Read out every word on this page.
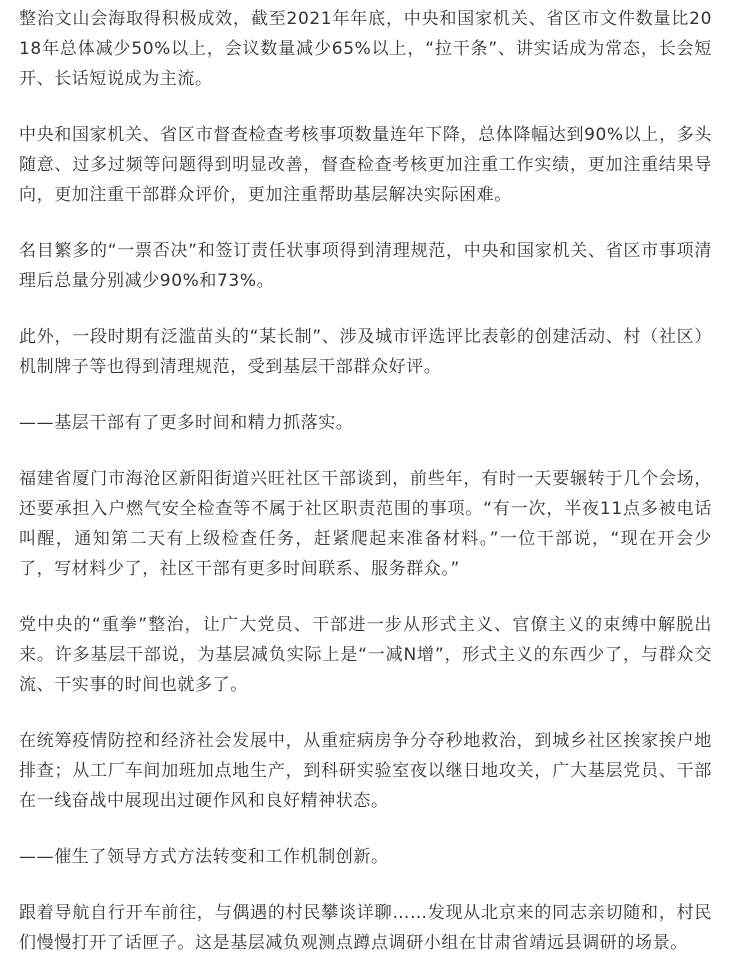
整治文山会海取得积极成效，截至2021年年底，中央和国家机关、省区市文件数量比2018年总体减少50%以上，会议数量减少65%以上，“拉干条”、讲实话成为常态，长会短开、长话短说成为主流。

中央和国家机关、省区市督查检查考核事项数量连年下降，总体降幅达到90%以上，多头随意、过多过频等问题得到明显改善，督查检查考核更加注重工作实绩，更加注重结果导向，更加注重干部群众评价，更加注重帮助基层解决实际困难。

名目繁多的“一票否决”和签订责任状事项得到清理规范，中央和国家机关、省区市事项清理后总量分别减少90%和73%。

此外，一段时期有泛滥苗头的“某长制”、涉及城市评选评比表彰的创建活动、村（社区）机制牌子等也得到清理规范，受到基层干部群众好评。

——基层干部有了更多时间和精力抓落实。

福建省厦门市海沧区新阳街道兴旺社区干部谈到，前些年，有时一天要辗转于几个会场，还要承担入户燃气安全检查等不属于社区职责范围的事项。“有一次，半夜11点多被电话叫醒，通知第二天有上级检查任务，赶紧爬起来准备材料。”一位干部说，“现在开会少了，写材料少了，社区干部有更多时间联系、服务群众。”

党中央的“重拳”整治，让广大党员、干部进一步从形式主义、官僚主义的束缚中解脱出来。许多基层干部说，为基层减负实际上是“一减N增”，形式主义的东西少了，与群众交流、干实事的时间也就多了。

在统筹疫情防控和经济社会发展中，从重症病房争分夺秒地救治，到城乡社区挨家挨户地排查；从工厂车间加班加点地生产，到科研实验室夜以继日地攻关，广大基层党员、干部在一线奋战中展现出过硬作风和良好精神状态。

——催生了领导方式方法转变和工作机制创新。

跟着导航自行开车前往，与偶遇的村民攀谈详聊……发现从北京来的同志亲切随和，村民们慢慢打开了话匣子。这是基层减负观测点蹲点调研小组在甘肃省靖远县调研的场景。
